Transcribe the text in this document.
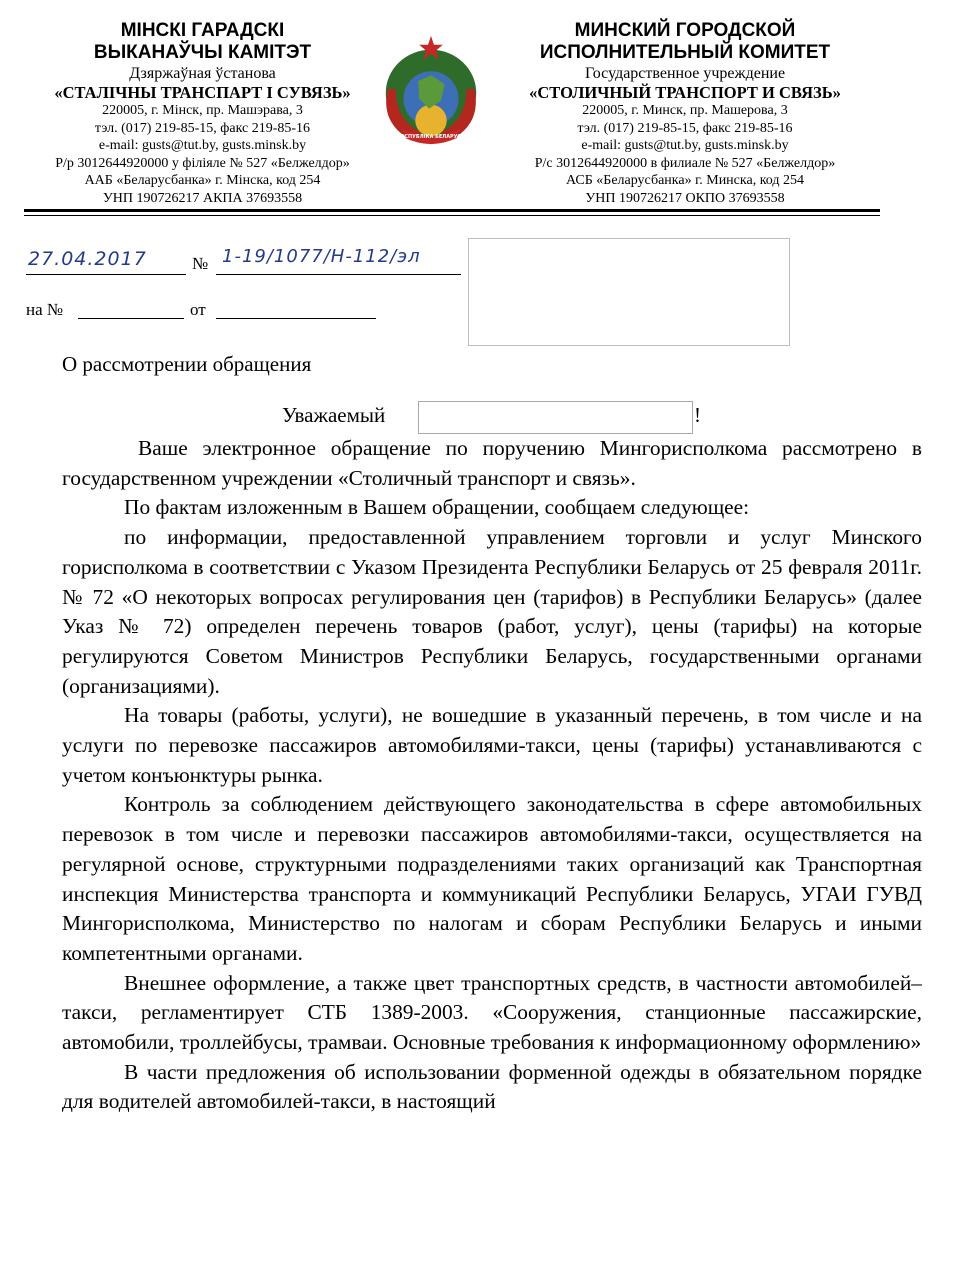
МІНСКІ ГАРАДСКІ
ВЫКАНАЎЧЫ КАМІТЭТ
Дзяржаўная ўстанова
«СТАЛІЧНЫ ТРАНСПАРТ І СУВЯЗЬ»
220005, г. Мінск, пр. Машэрава, 3
тэл. (017) 219-85-15, факс 219-85-16
e-mail: gusts@tut.by, gusts.minsk.by
Р/р 3012644920000 у філіяле № 527 «Белжелдор»
ААБ «Беларусбанка» г. Мінска, код 254
УНП 190726217 АКПА 37693558
РЭСПУБЛІКА БЕЛАРУСЬ
МИНСКИЙ ГОРОДСКОЙ
ИСПОЛНИТЕЛЬНЫЙ КОМИТЕТ
Государственное учреждение
«СТОЛИЧНЫЙ ТРАНСПОРТ И СВЯЗЬ»
220005, г. Минск, пр. Машерова, 3
тэл. (017) 219-85-15, факс 219-85-16
e-mail: gusts@tut.by, gusts.minsk.by
Р/с 3012644920000 в филиале № 527 «Белжелдор»
АСБ «Беларусбанка» г. Минска, код 254
УНП 190726217 ОКПО 37693558
27.04.2017	№ 1-19/1077/Н-112/эл
на №	от
О рассмотрении обращения
Уважаемый	!

Ваше электронное обращение по поручению Мингорисполкома рассмотрено в государственном учреждении «Столичный транспорт и связь».

По фактам изложенным в Вашем обращении, сообщаем следующее:

по информации, предоставленной управлением торговли и услуг Минского горисполкома в соответствии с Указом Президента Республики Беларусь от 25 февраля 2011г. № 72 «О некоторых вопросах регулирования цен (тарифов) в Республики Беларусь» (далее Указ № 72) определен перечень товаров (работ, услуг), цены (тарифы) на которые регулируются Советом Министров Республики Беларусь, государственными органами (организациями).

На товары (работы, услуги), не вошедшие в указанный перечень, в том числе и на услуги по перевозке пассажиров автомобилями-такси, цены (тарифы) устанавливаются с учетом конъюнктуры рынка.

Контроль за соблюдением действующего законодательства в сфере автомобильных перевозок в том числе и перевозки пассажиров автомобилями-такси, осуществляется на регулярной основе, структурными подразделениями таких организаций как Транспортная инспекция Министерства транспорта и коммуникаций Республики Беларусь, УГАИ ГУВД Мингорисполкома, Министерство по налогам и сборам Республики Беларусь и иными компетентными органами.

Внешнее оформление, а также цвет транспортных средств, в частности автомобилей–такси, регламентирует СТБ 1389-2003. «Сооружения, станционные пассажирские, автомобили, троллейбусы, трамваи. Основные требования к информационному оформлению»

В части предложения об использовании форменной одежды в обязательном порядке для водителей автомобилей-такси, в настоящий
